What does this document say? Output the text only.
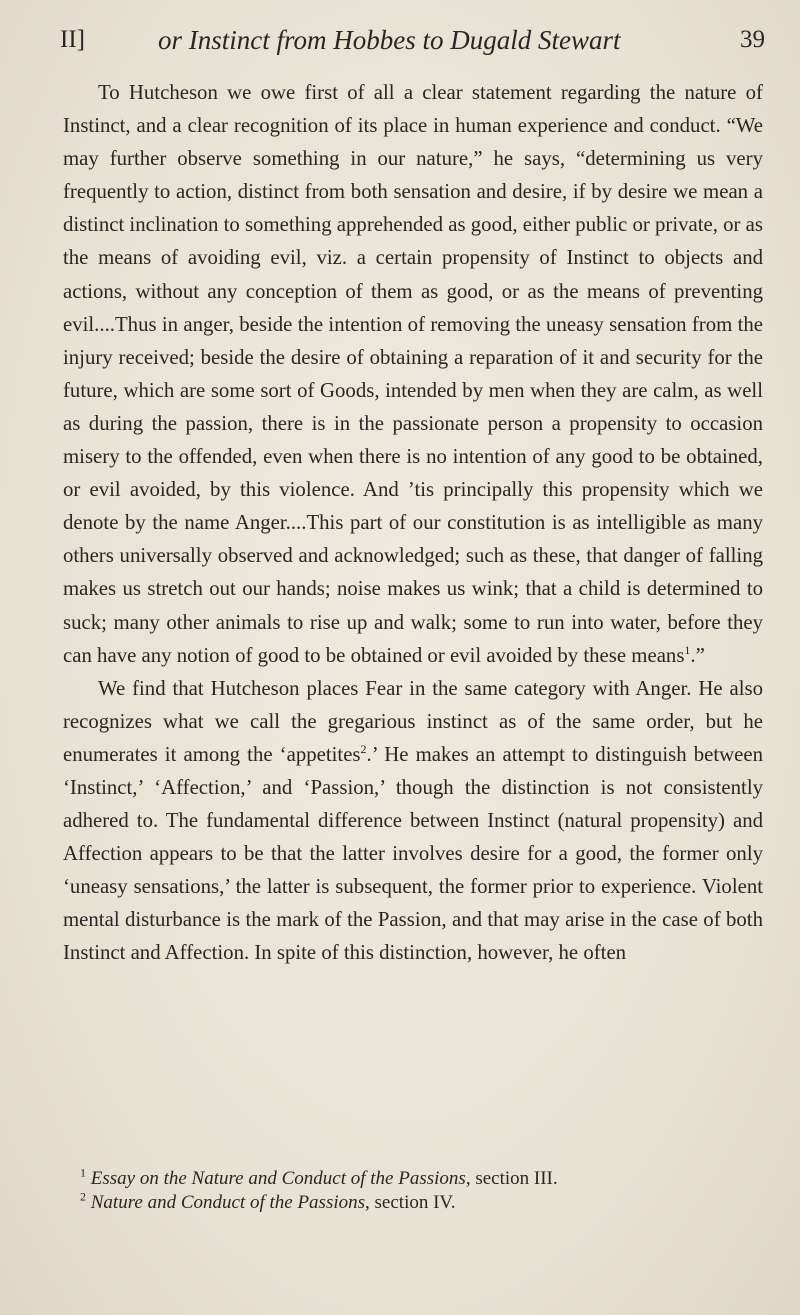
II]	or Instinct from Hobbes to Dugald Stewart	39

To Hutcheson we owe first of all a clear statement regarding the nature of Instinct, and a clear recognition of its place in human experience and conduct. “We may further observe something in our nature,” he says, “determining us very frequently to action, distinct from both sensation and desire, if by desire we mean a distinct inclination to something apprehended as good, either public or private, or as the means of avoiding evil, viz. a certain propensity of Instinct to objects and actions, without any conception of them as good, or as the means of preventing evil....Thus in anger, beside the intention of removing the uneasy sensation from the injury received; beside the desire of obtaining a reparation of it and security for the future, which are some sort of Goods, intended by men when they are calm, as well as during the passion, there is in the passionate person a propensity to occasion misery to the offended, even when there is no intention of any good to be obtained, or evil avoided, by this violence. And ’tis principally this propensity which we denote by the name Anger....This part of our constitution is as intelligible as many others universally observed and acknowledged; such as these, that danger of falling makes us stretch out our hands; noise makes us wink; that a child is determined to suck; many other animals to rise up and walk; some to run into water, before they can have any notion of good to be obtained or evil avoided by these means$^1$.”

We find that Hutcheson places Fear in the same category with Anger. He also recognizes what we call the gregarious instinct as of the same order, but he enumerates it among the ‘appetites$^2$.’ He makes an attempt to distinguish between ‘Instinct,’ ‘Affection,’ and ‘Passion,’ though the distinction is not consistently adhered to. The fundamental difference between Instinct (natural propensity) and Affection appears to be that the latter involves desire for a good, the former only ‘uneasy sensations,’ the latter is subsequent, the former prior to experience. Violent mental disturbance is the mark of the Passion, and that may arise in the case of both Instinct and Affection. In spite of this distinction, however, he often

$^1$ Essay on the Nature and Conduct of the Passions, section III.
$^2$ Nature and Conduct of the Passions, section IV.
